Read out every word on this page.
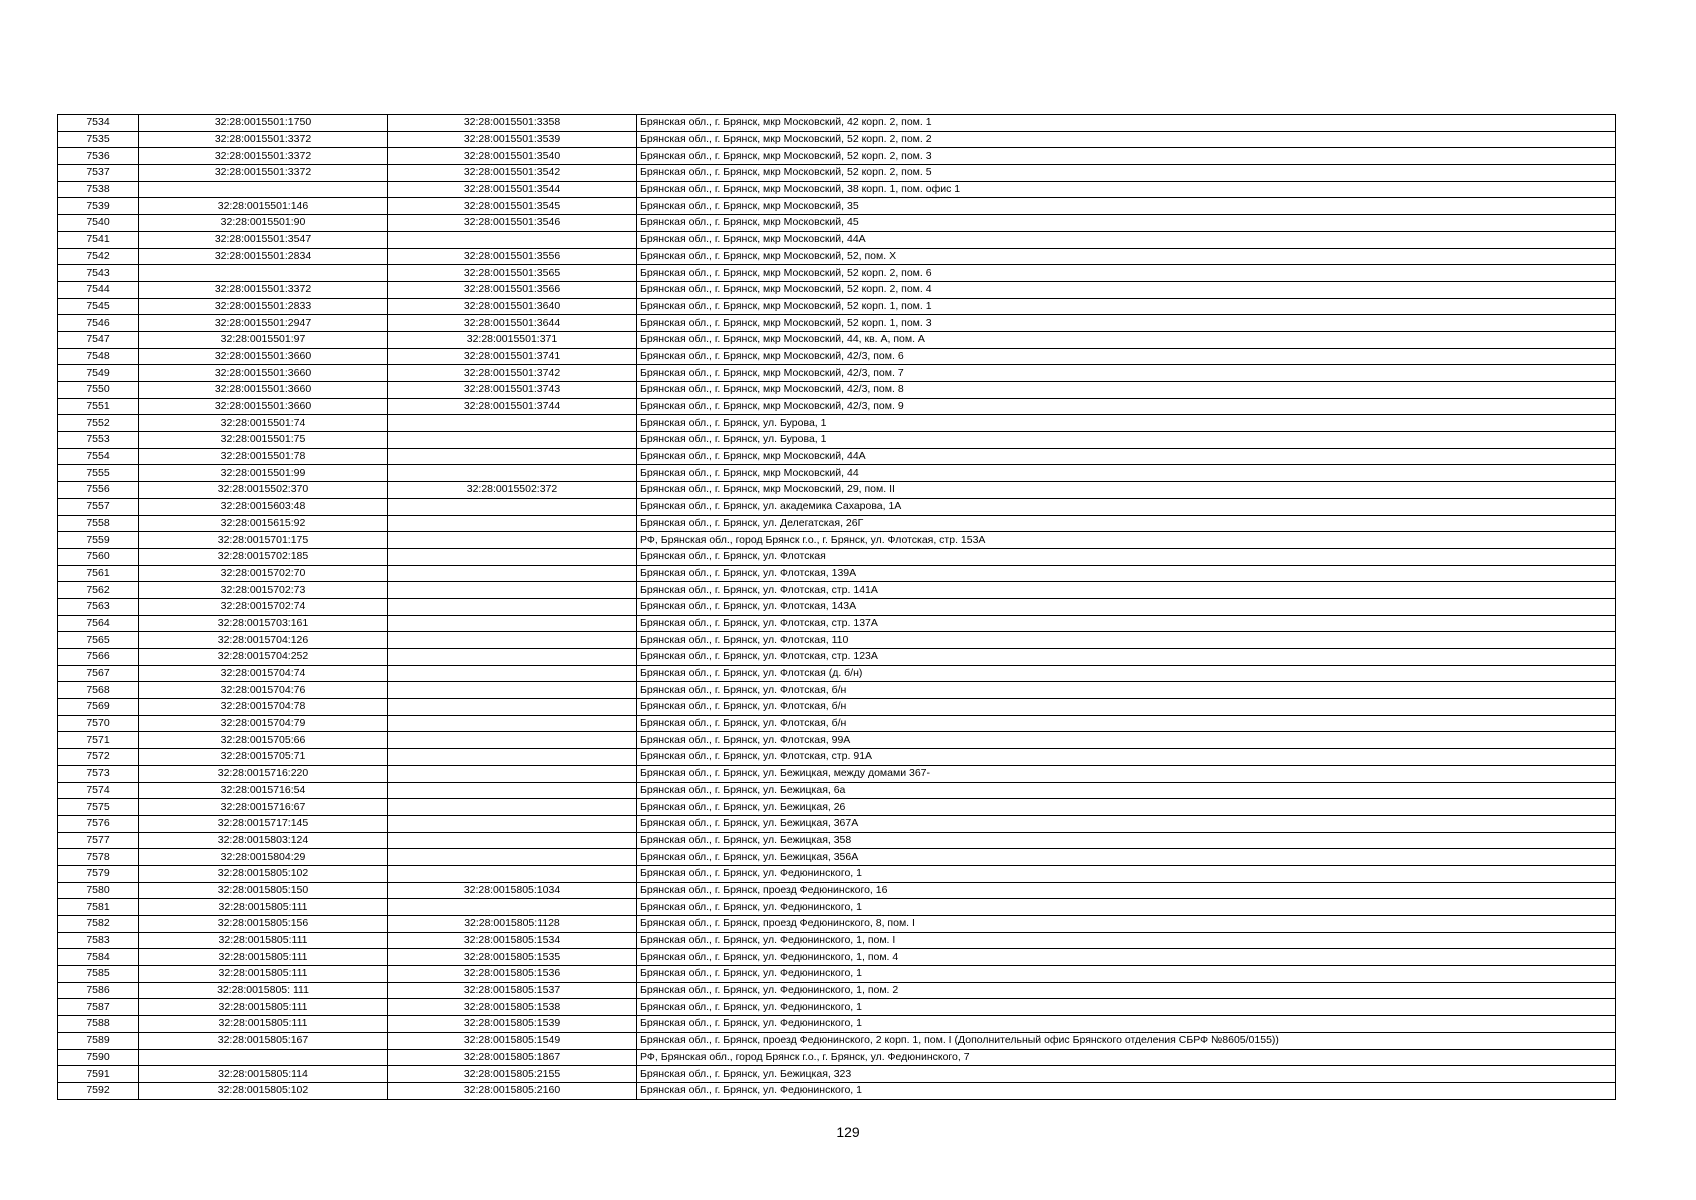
7534	32:28:0015501:1750	32:28:0015501:3358	Брянская обл., г. Брянск, мкр Московский, 42 корп. 2, пом. 1
7535	32:28:0015501:3372	32:28:0015501:3539	Брянская обл., г. Брянск, мкр Московский, 52 корп. 2, пом. 2
7536	32:28:0015501:3372	32:28:0015501:3540	Брянская обл., г. Брянск, мкр Московский, 52 корп. 2, пом. 3
7537	32:28:0015501:3372	32:28:0015501:3542	Брянская обл., г. Брянск, мкр Московский, 52 корп. 2, пом. 5
7538		32:28:0015501:3544	Брянская обл., г. Брянск, мкр Московский, 38 корп. 1, пом. офис 1
7539	32:28:0015501:146	32:28:0015501:3545	Брянская обл., г. Брянск, мкр Московский, 35
7540	32:28:0015501:90	32:28:0015501:3546	Брянская обл., г. Брянск, мкр Московский, 45
7541	32:28:0015501:3547		Брянская обл., г. Брянск, мкр Московский, 44А
7542	32:28:0015501:2834	32:28:0015501:3556	Брянская обл., г. Брянск, мкр Московский, 52, пом. X
7543		32:28:0015501:3565	Брянская обл., г. Брянск, мкр Московский, 52 корп. 2, пом. 6
7544	32:28:0015501:3372	32:28:0015501:3566	Брянская обл., г. Брянск, мкр Московский, 52 корп. 2, пом. 4
7545	32:28:0015501:2833	32:28:0015501:3640	Брянская обл., г. Брянск, мкр Московский, 52 корп. 1, пом. 1
7546	32:28:0015501:2947	32:28:0015501:3644	Брянская обл., г. Брянск, мкр Московский, 52 корп. 1, пом. 3
7547	32:28:0015501:97	32:28:0015501:371	Брянская обл., г. Брянск, мкр Московский, 44, кв. А, пом. А
7548	32:28:0015501:3660	32:28:0015501:3741	Брянская обл., г. Брянск, мкр Московский, 42/3, пом. 6
7549	32:28:0015501:3660	32:28:0015501:3742	Брянская обл., г. Брянск, мкр Московский, 42/3, пом. 7
7550	32:28:0015501:3660	32:28:0015501:3743	Брянская обл., г. Брянск, мкр Московский, 42/3, пом. 8
7551	32:28:0015501:3660	32:28:0015501:3744	Брянская обл., г. Брянск, мкр Московский, 42/3, пом. 9
7552	32:28:0015501:74		Брянская обл., г. Брянск, ул. Бурова, 1
7553	32:28:0015501:75		Брянская обл., г. Брянск, ул. Бурова, 1
7554	32:28:0015501:78		Брянская обл., г. Брянск, мкр Московский, 44А
7555	32:28:0015501:99		Брянская обл., г. Брянск, мкр Московский, 44
7556	32:28:0015502:370	32:28:0015502:372	Брянская обл., г. Брянск, мкр Московский, 29, пом. II
7557	32:28:0015603:48		Брянская обл., г. Брянск, ул. академика Сахарова, 1А
7558	32:28:0015615:92		Брянская обл., г. Брянск, ул. Делегатская, 26Г
7559	32:28:0015701:175		РФ, Брянская обл., город Брянск г.о., г. Брянск, ул. Флотская, стр. 153А
7560	32:28:0015702:185		Брянская обл., г. Брянск, ул. Флотская
7561	32:28:0015702:70		Брянская обл., г. Брянск, ул. Флотская, 139А
7562	32:28:0015702:73		Брянская обл., г. Брянск, ул. Флотская, стр. 141А
7563	32:28:0015702:74		Брянская обл., г. Брянск, ул. Флотская, 143А
7564	32:28:0015703:161		Брянская обл., г. Брянск, ул. Флотская, стр. 137А
7565	32:28:0015704:126		Брянская обл., г. Брянск, ул. Флотская, 110
7566	32:28:0015704:252		Брянская обл., г. Брянск, ул. Флотская, стр. 123А
7567	32:28:0015704:74		Брянская обл., г. Брянск, ул. Флотская (д. б/н)
7568	32:28:0015704:76		Брянская обл., г. Брянск, ул. Флотская, б/н
7569	32:28:0015704:78		Брянская обл., г. Брянск, ул. Флотская, б/н
7570	32:28:0015704:79		Брянская обл., г. Брянск, ул. Флотская, б/н
7571	32:28:0015705:66		Брянская обл., г. Брянск, ул. Флотская, 99А
7572	32:28:0015705:71		Брянская обл., г. Брянск, ул. Флотская, стр. 91А
7573	32:28:0015716:220		Брянская обл., г. Брянск, ул. Бежицкая, между домами 367-
7574	32:28:0015716:54		Брянская обл., г. Брянск, ул. Бежицкая, 6а
7575	32:28:0015716:67		Брянская обл., г. Брянск, ул. Бежицкая, 26
7576	32:28:0015717:145		Брянская обл., г. Брянск, ул. Бежицкая, 367А
7577	32:28:0015803:124		Брянская обл., г. Брянск, ул. Бежицкая, 358
7578	32:28:0015804:29		Брянская обл., г. Брянск, ул. Бежицкая, 356А
7579	32:28:0015805:102		Брянская обл., г. Брянск, ул. Федюнинского, 1
7580	32:28:0015805:150	32:28:0015805:1034	Брянская обл., г. Брянск, проезд Федюнинского, 16
7581	32:28:0015805:111		Брянская обл., г. Брянск, ул. Федюнинского, 1
7582	32:28:0015805:156	32:28:0015805:1128	Брянская обл., г. Брянск, проезд Федюнинского, 8, пом. I
7583	32:28:0015805:111	32:28:0015805:1534	Брянская обл., г. Брянск, ул. Федюнинского, 1, пом. I
7584	32:28:0015805:111	32:28:0015805:1535	Брянская обл., г. Брянск, ул. Федюнинского, 1, пом. 4
7585	32:28:0015805:111	32:28:0015805:1536	Брянская обл., г. Брянск, ул. Федюнинского, 1
7586	32:28:0015805: 111	32:28:0015805:1537	Брянская обл., г. Брянск, ул. Федюнинского, 1, пом. 2
7587	32:28:0015805:111	32:28:0015805:1538	Брянская обл., г. Брянск, ул. Федюнинского, 1
7588	32:28:0015805:111	32:28:0015805:1539	Брянская обл., г. Брянск, ул. Федюнинского, 1
7589	32:28:0015805:167	32:28:0015805:1549	Брянская обл., г. Брянск, проезд Федюнинского, 2 корп. 1, пом. I (Дополнительный офис Брянского отделения СБРФ №8605/0155))
7590		32:28:0015805:1867	РФ, Брянская обл., город Брянск г.о., г. Брянск, ул. Федюнинского, 7
7591	32:28:0015805:114	32:28:0015805:2155	Брянская обл., г. Брянск, ул. Бежицкая, 323
7592	32:28:0015805:102	32:28:0015805:2160	Брянская обл., г. Брянск, ул. Федюнинского, 1
129
